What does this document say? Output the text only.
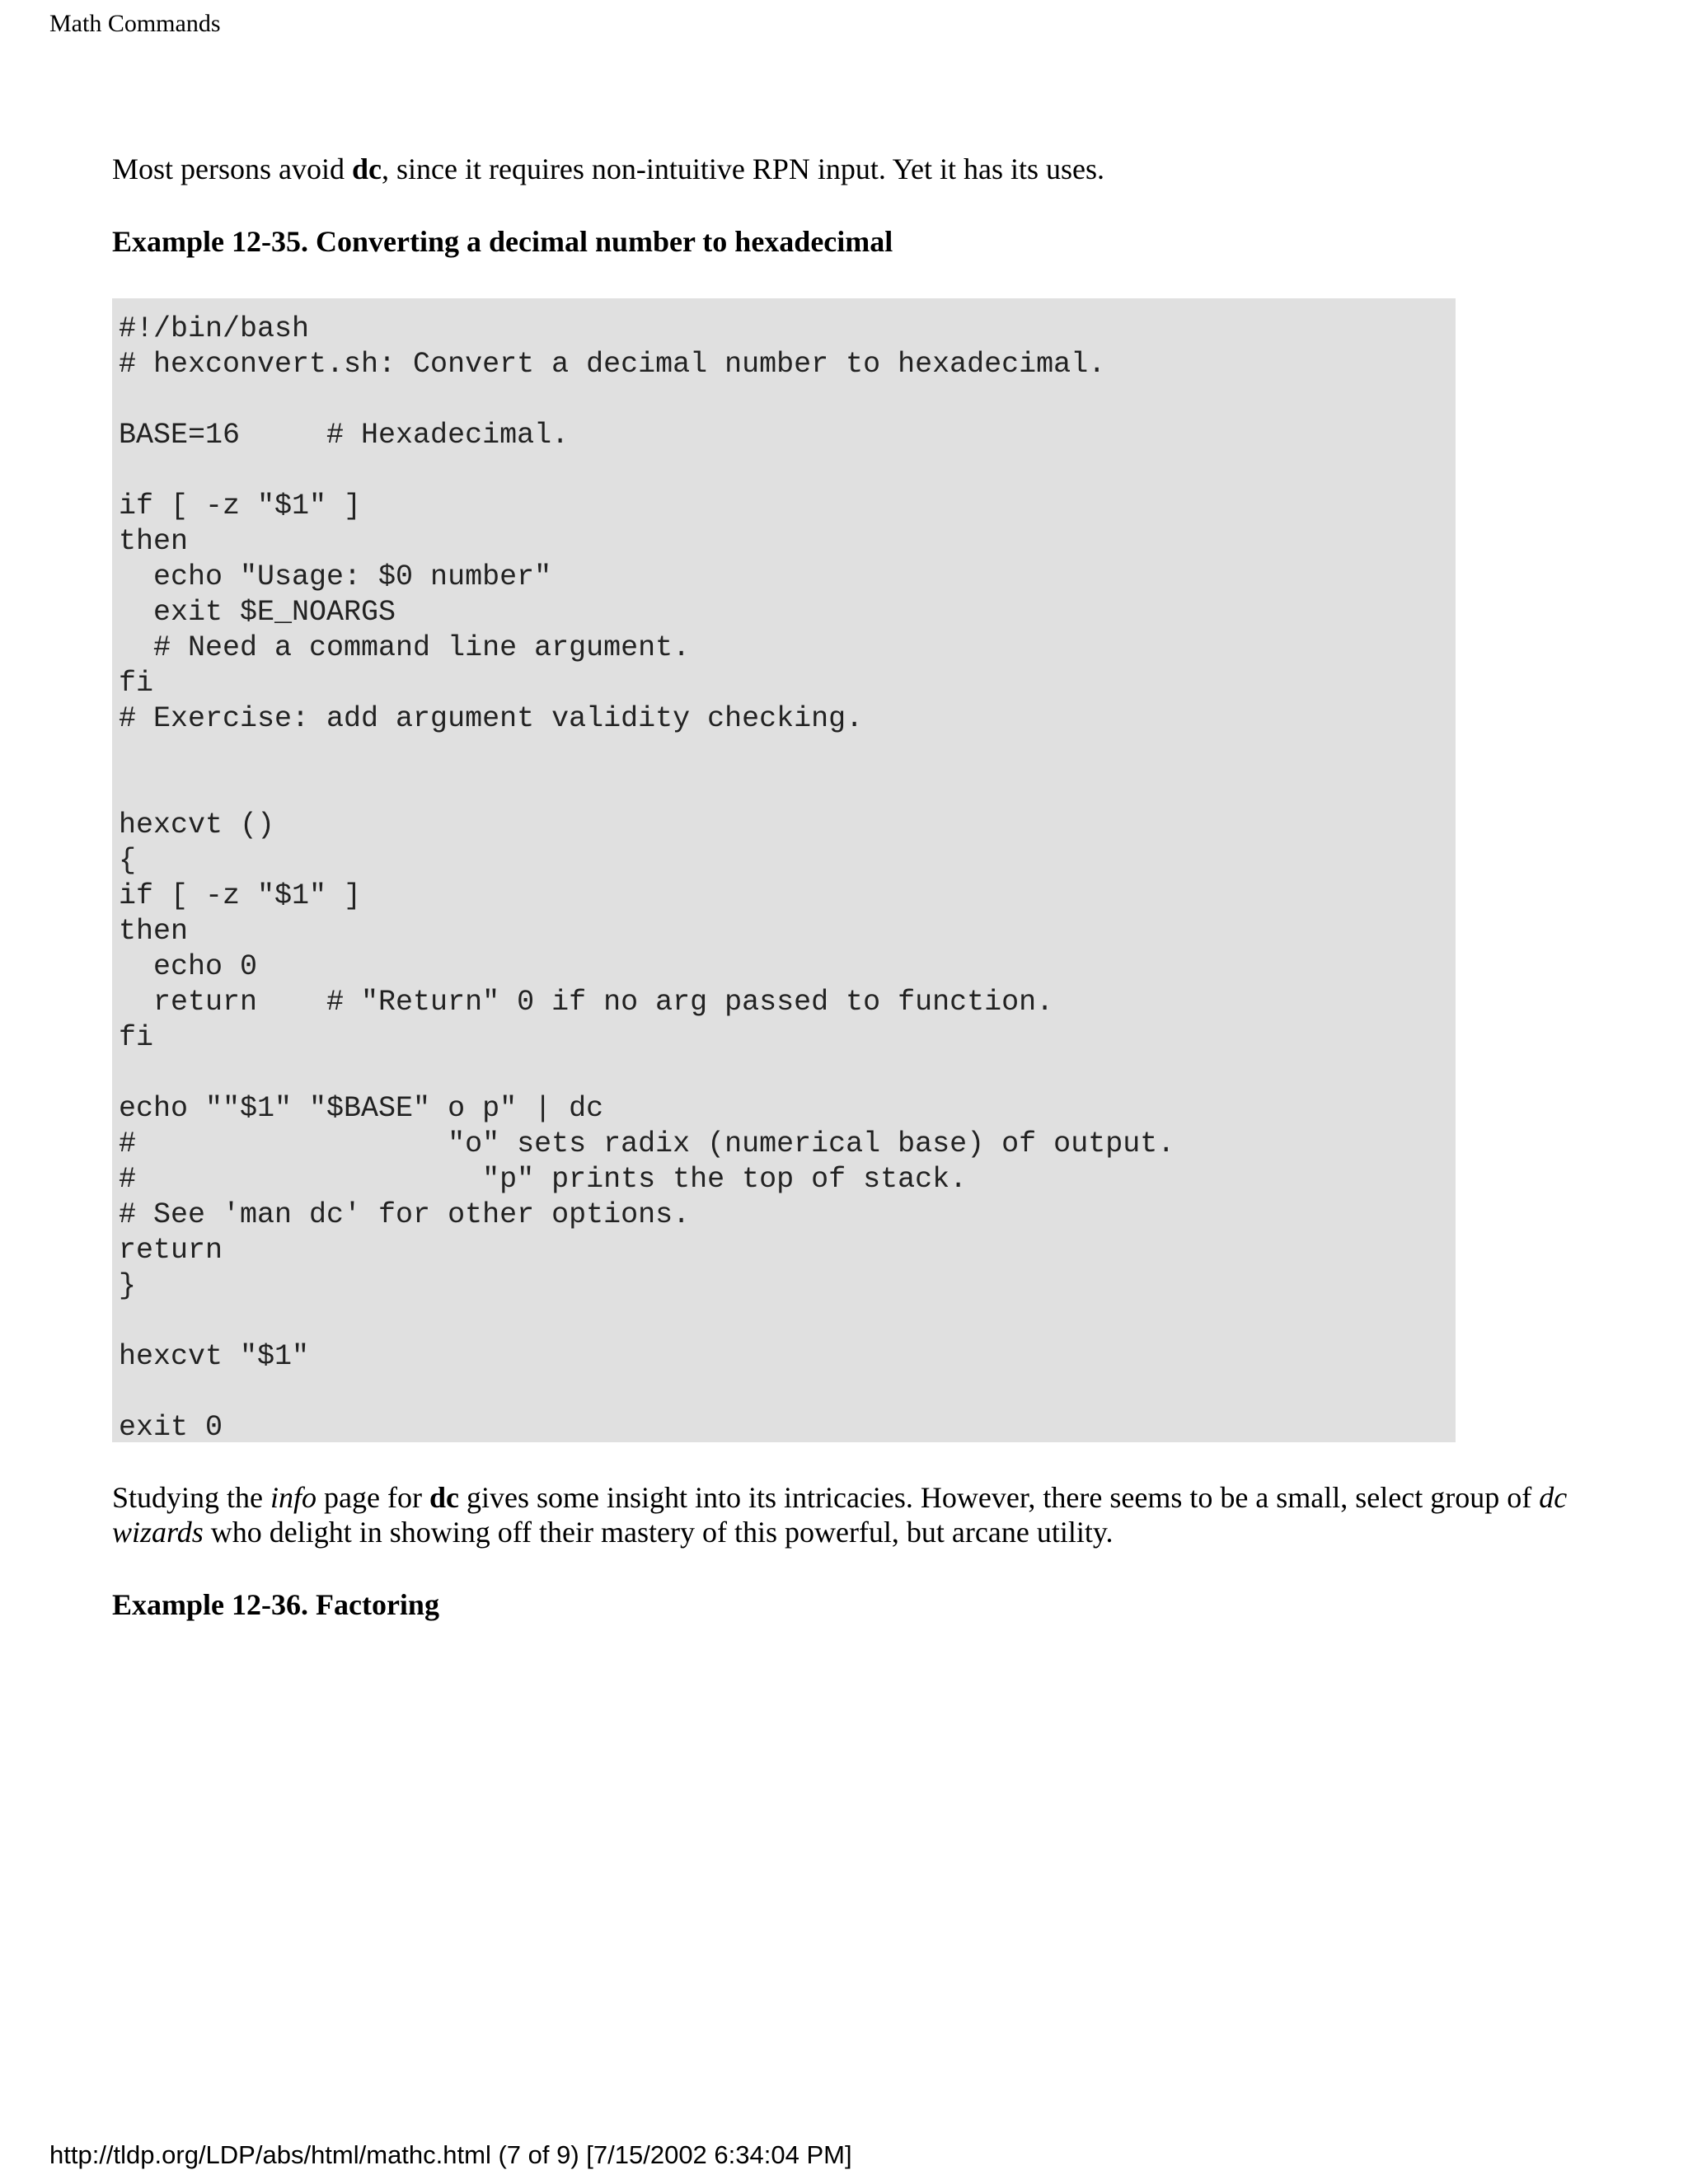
Math Commands

Most persons avoid dc, since it requires non-intuitive RPN input. Yet it has its uses.

Example 12-35. Converting a decimal number to hexadecimal

#!/bin/bash
# hexconvert.sh: Convert a decimal number to hexadecimal.

BASE=16     # Hexadecimal.

if [ -z "$1" ]
then
echo "Usage: $0 number"
exit $E_NOARGS
# Need a command line argument.
fi
# Exercise: add argument validity checking.

hexcvt ()
{
if [ -z "$1" ]
then
echo 0
return    # "Return" 0 if no arg passed to function.
fi

echo ""$1" "$BASE" o p" | dc
#                  "o" sets radix (numerical base) of output.
#                    "p" prints the top of stack.
# See 'man dc' for other options.
return
}

hexcvt "$1"

exit 0

Studying the info page for dc gives some insight into its intricacies. However, there seems to be a small, select group of dc wizards who delight in showing off their mastery of this powerful, but arcane utility.

Example 12-36. Factoring

http://tldp.org/LDP/abs/html/mathc.html (7 of 9) [7/15/2002 6:34:04 PM]
